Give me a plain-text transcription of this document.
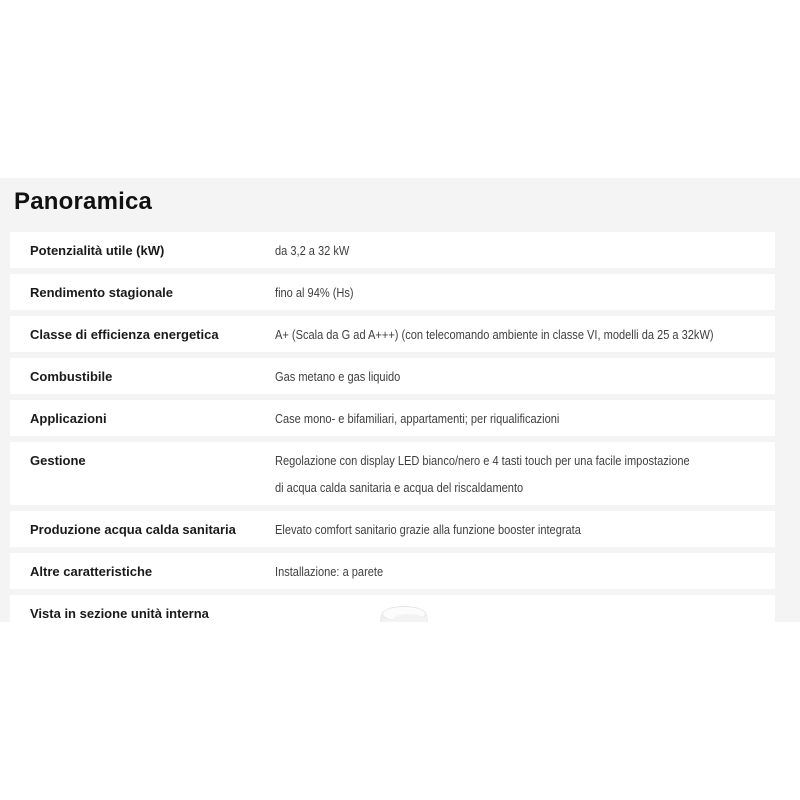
Panoramica
Potenzialità utile (kW)	da 3,2 a 32 kW
Rendimento stagionale	fino al 94% (Hs)
Classe di efficienza energetica	A+ (Scala da G ad A+++) (con telecomando ambiente in classe VI, modelli da 25 a 32kW)
Combustibile	Gas metano e gas liquido
Applicazioni	Case mono- e bifamiliari, appartamenti; per riqualificazioni
Gestione	Regolazione con display LED bianco/nero e 4 tasti touch per una facile impostazione di acqua calda sanitaria e acqua del riscaldamento
Produzione acqua calda sanitaria	Elevato comfort sanitario grazie alla funzione booster integrata
Altre caratteristiche	Installazione: a parete
Vista in sezione unità interna
